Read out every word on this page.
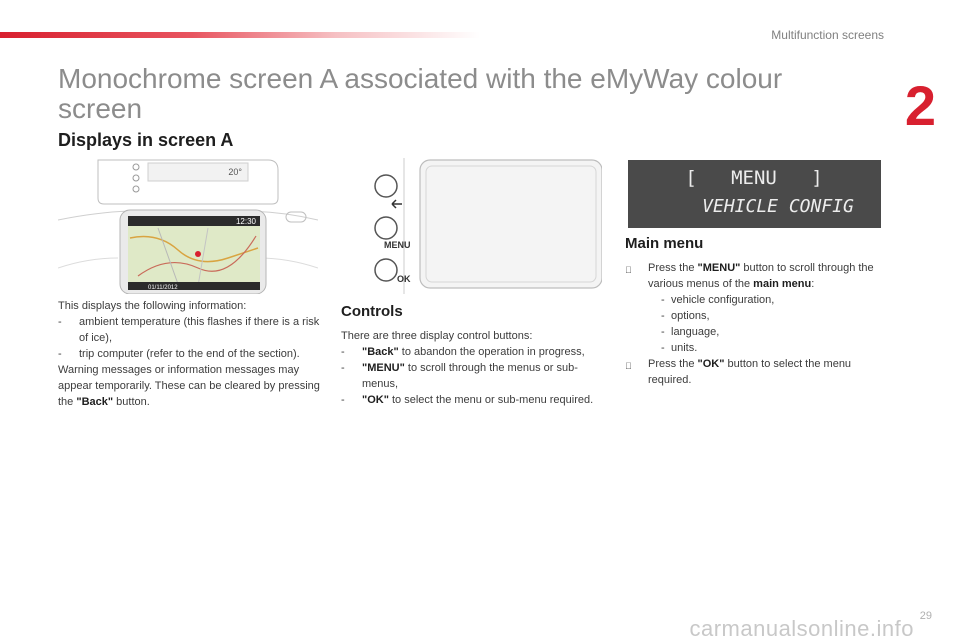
Multifunction screens
2
Monochrome screen A associated with the eMyWay colour screen
Displays in screen A
20°
12:30
01/11/2012
MENU
OK
[   MENU   ]
VEHICLE CONFIG

This displays the following information:

- ambient temperature (this flashes if there is a risk of ice),
- trip computer (refer to the end of the section).

Warning messages or information messages may appear temporarily. These can be cleared by pressing the "Back" button.

Controls

There are three display control buttons:

- "Back" to abandon the operation in progress,
- "MENU" to scroll through the menus or sub-menus,
- "OK" to select the menu or sub-menu required.
Main menu
Press the "MENU" button to scroll through the various menus of the main menu:
- vehicle configuration,
- options,
- language,
- units.
Press the "OK" button to select the menu required.
29
carmanualsonline.info
